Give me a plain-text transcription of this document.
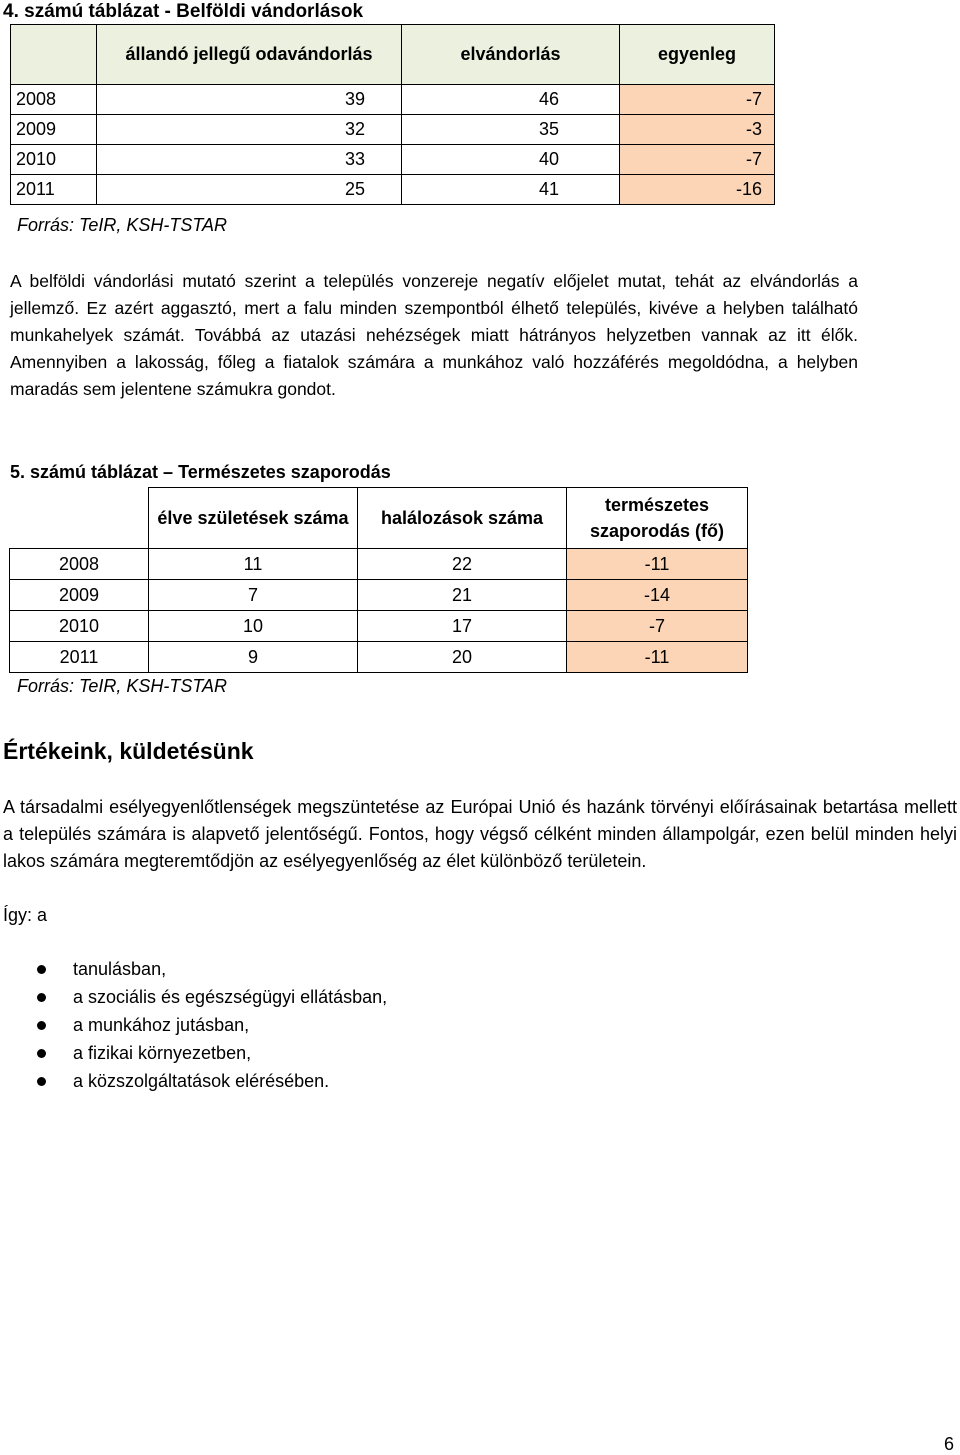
4. számú táblázat - Belföldi vándorlások
	állandó jellegű odavándorlás	elvándorlás	egyenleg
2008	39	46	-7
2009	32	35	-3
2010	33	40	-7
2011	25	41	-16
Forrás: TeIR, KSH-TSTAR
A belföldi vándorlási mutató szerint a település vonzereje negatív előjelet mutat, tehát az elvándorlás a jellemző. Ez azért aggasztó, mert a falu minden szempontból élhető település, kivéve a helyben található munkahelyek számát. Továbbá az utazási nehézségek miatt hátrányos helyzetben vannak az itt élők. Amennyiben a lakosság, főleg a fiatalok számára a munkához való hozzáférés megoldódna, a helyben maradás sem jelentene számukra gondot.
5. számú táblázat – Természetes szaporodás
	élve születések száma	halálozások száma	természetes szaporodás (fő)
2008	11	22	-11
2009	7	21	-14
2010	10	17	-7
2011	9	20	-11
Forrás: TeIR, KSH-TSTAR
Értékeink, küldetésünk
A társadalmi esélyegyenlőtlenségek megszüntetése az Európai Unió és hazánk törvényi előírásainak betartása mellett a település számára is alapvető jelentőségű. Fontos, hogy végső célként minden állampolgár, ezen belül minden helyi lakos számára megteremtődjön az esélyegyenlőség az élet különböző területein.
Így: a
tanulásban,
a szociális és egészségügyi ellátásban,
a munkához jutásban,
a fizikai környezetben,
a közszolgáltatások elérésében.
6
